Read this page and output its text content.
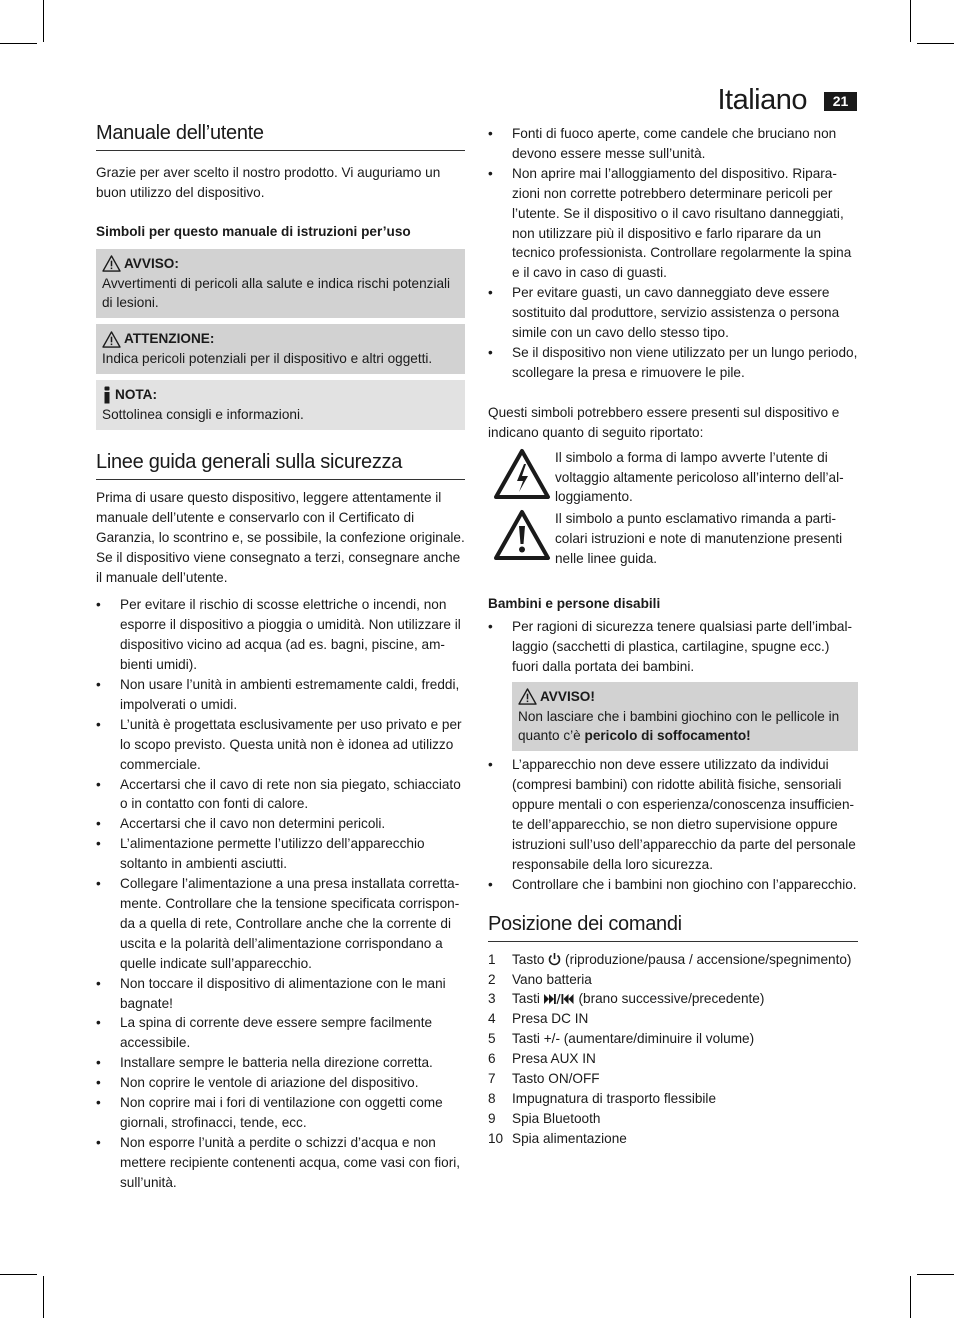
Italiano	21
Manuale dell’utente

Grazie per aver scelto il nostro prodotto. Vi auguriamo un buon utilizzo del dispositivo.

Simboli per questo manuale di istruzioni per’uso
AVVISO:

Avvertimenti di pericoli alla salute e indica rischi potenziali di lesioni.

ATTENZIONE:

Indica pericoli potenziali per il dispositivo e altri oggetti.

NOTA:

Sottolinea consigli e informazioni.

Linee guida generali sulla sicurezza

Prima di usare questo dispositivo, leggere attentamente il manuale dell’utente e conservarlo con il Certificato di Garanzia, lo scontrino e, se possibile, la confezione originale. Se il dispositivo viene consegnato a terzi, consegnare anche il manuale dell’utente.

• Per evitare il rischio di scosse elettriche o incendi, non esporre il dispositivo a pioggia o umidità. Non utilizzare il dispositivo vicino ad acqua (ad es. bagni, piscine, am-bienti umidi).
• Non usare l’unità in ambienti estremamente caldi, freddi, impolverati o umidi.
• L’unità è progettata esclusivamente per uso privato e per lo scopo previsto. Questa unità non è idonea ad utilizzo commerciale.
• Accertarsi che il cavo di rete non sia piegato, schiacciato o in contatto con fonti di calore.
• Accertarsi che il cavo non determini pericoli.
• L’alimentazione permette l’utilizzo dell’apparecchio soltanto in ambienti asciutti.
• Collegare l’alimentazione a una presa installata corretta-mente. Controllare che la tensione specificata corrispon-da a quella di rete, Controllare anche che la corrente di uscita e la polarità dell’alimentazione corrispondano a quelle indicate sull’apparecchio.
• Non toccare il dispositivo di alimentazione con le mani bagnate!
• La spina di corrente deve essere sempre facilmente accessibile.
• Installare sempre le batteria nella direzione corretta.
• Non coprire le ventole di ariazione del dispositivo.
• Non coprire mai i fori di ventilazione con oggetti come giornali, strofinacci, tende, ecc.
• Non esporre l’unità a perdite o schizzi d’acqua e non mettere recipiente contenenti acqua, come vasi con fiori, sull’unità.
• Fonti di fuoco aperte, come candele che bruciano non devono essere messe sull’unità.
• Non aprire mai l’alloggiamento del dispositivo. Ripara-zioni non corrette potrebbero determinare pericoli per l’utente. Se il dispositivo o il cavo risultano danneggiati, non utilizzare più il dispositivo e farlo riparare da un tecnico professionista. Controllare regolarmente la spina e il cavo in caso di guasti.
• Per evitare guasti, un cavo danneggiato deve essere sostituito dal produttore, servizio assistenza o persona simile con un cavo dello stesso tipo.
• Se il dispositivo non viene utilizzato per un lungo periodo, scollegare la presa e rimuovere le pile.

Questi simboli potrebbero essere presenti sul dispositivo e indicano quanto di seguito riportato:

Il simbolo a forma di lampo avverte l’utente di voltaggio altamente pericoloso all’interno dell’al-loggiamento.

Il simbolo a punto esclamativo rimanda a parti-colari istruzioni e note di manutenzione presenti nelle linee guida.

Bambini e persone disabili
• Per ragioni di sicurezza tenere qualsiasi parte dell’imbal-laggio (sacchetti di plastica, cartilagine, spugne ecc.) fuori dalla portata dei bambini.
AVVISO!

Non lasciare che i bambini giochino con le pellicole in quanto c’è pericolo di soffocamento!

• L’apparecchio non deve essere utilizzato da individui (compresi bambini) con ridotte abilità fisiche, sensoriali oppure mentali o con esperienza/conoscenza insufficien-te dell’apparecchio, se non dietro supervisione oppure istruzioni sull’uso dell’apparecchio da parte del personale responsabile della loro sicurezza.
• Controllare che i bambini non giochino con l’apparecchio.
Posizione dei comandi
1	Tasto  (riproduzione/pausa / accensione/spegnimento)
2	Vano batteria
3	Tasti  (brano successive/precedente)
4	Presa DC IN
5	Tasti +/- (aumentare/diminuire il volume)
6	Presa AUX IN
7	Tasto ON/OFF
8	Impugnatura di trasporto flessibile
9	Spia Bluetooth
10 Spia alimentazione
